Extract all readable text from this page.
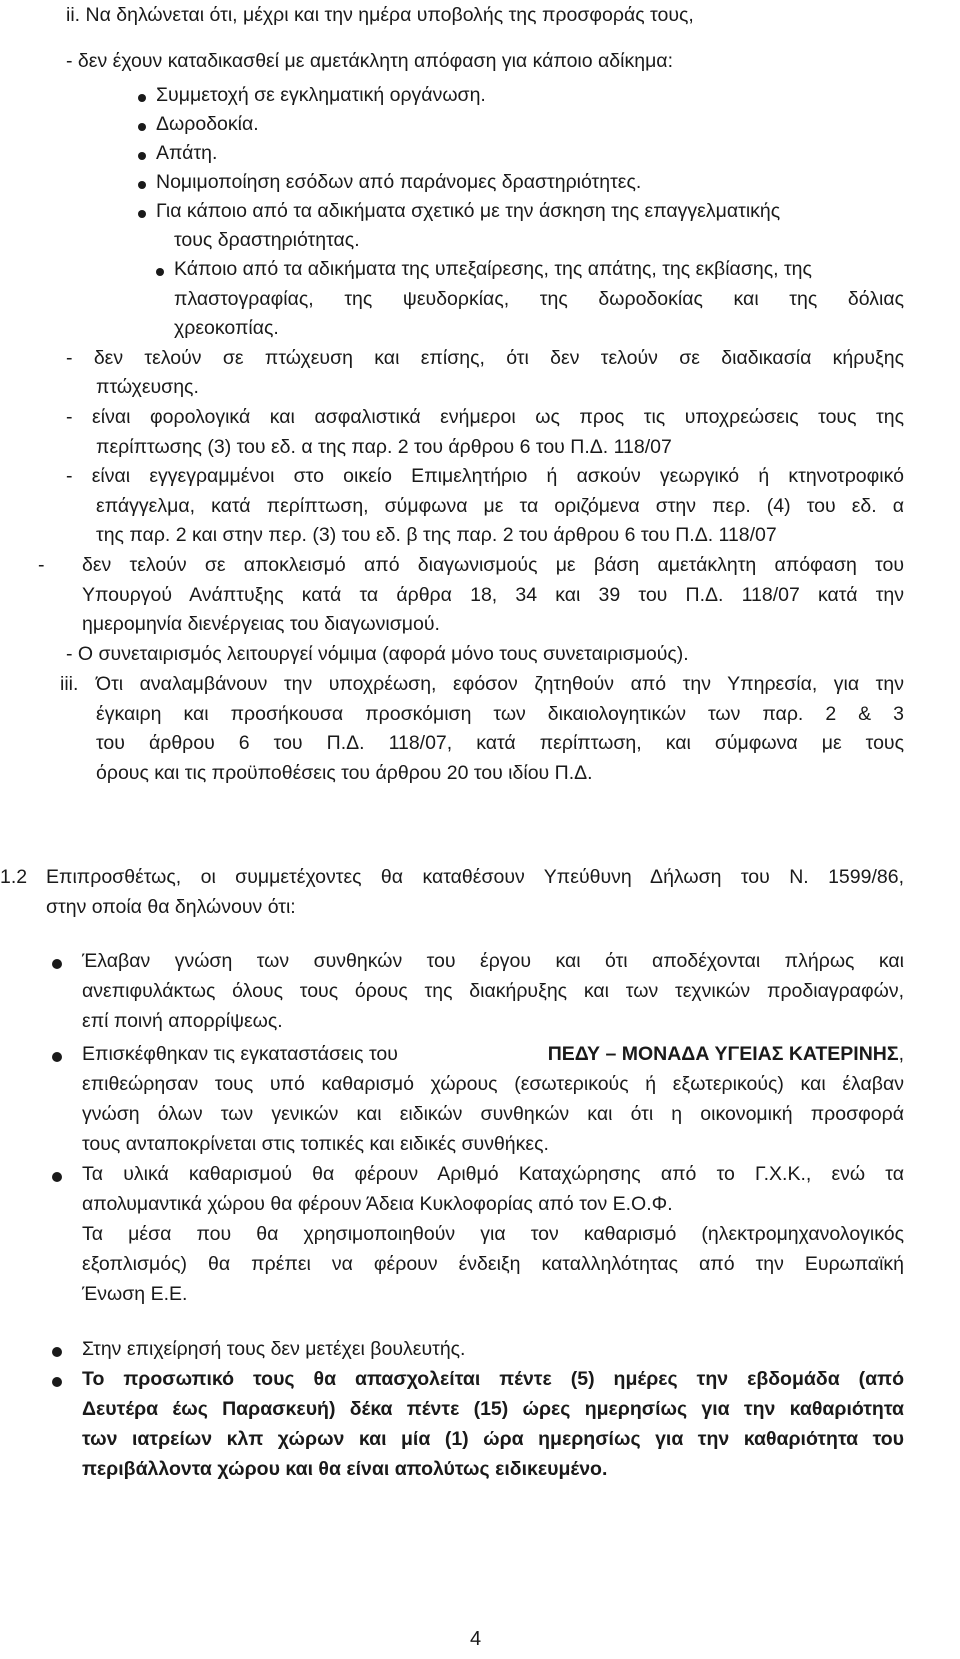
ii. Να δηλώνεται ότι, μέχρι και την ημέρα υποβολής της προσφοράς τους,
- δεν έχουν καταδικασθεί με αμετάκλητη απόφαση για κάποιο αδίκημα:
Συμμετοχή σε εγκληματική οργάνωση.
Δωροδοκία.
Απάτη.
Νομιμοποίηση εσόδων από παράνομες δραστηριότητες.
Για κάποιο από τα αδικήματα σχετικό με την άσκηση της επαγγελματικής
τους δραστηριότητας.
Κάποιο από τα αδικήματα της υπεξαίρεσης, της απάτης, της εκβίασης, της
πλαστογραφίας, της ψευδορκίας, της δωροδοκίας και της δόλιας
χρεοκοπίας.
- δεν τελούν σε πτώχευση και επίσης, ότι δεν τελούν σε διαδικασία κήρυξης
πτώχευσης.
- είναι φορολογικά και ασφαλιστικά ενήμεροι ως προς τις υποχρεώσεις τους της
περίπτωσης (3) του εδ. α της παρ. 2 του άρθρου 6 του Π.Δ. 118/07
- είναι εγγεγραμμένοι στο οικείο Επιμελητήριο ή ασκούν γεωργικό ή κτηνοτροφικό
επάγγελμα, κατά περίπτωση, σύμφωνα με τα οριζόμενα στην περ. (4) του εδ. α
της παρ. 2 και στην περ. (3) του εδ. β της παρ. 2 του άρθρου 6 του Π.Δ. 118/07
- δεν τελούν σε αποκλεισμό από διαγωνισμούς με βάση αμετάκλητη απόφαση του
Υπουργού Ανάπτυξης κατά τα άρθρα 18, 34 και 39 του Π.Δ. 118/07 κατά την
ημερομηνία διενέργειας του διαγωνισμού.
- Ο συνεταιρισμός λειτουργεί νόμιμα (αφορά μόνο τους συνεταιρισμούς).
iii. Ότι αναλαμβάνουν την υποχρέωση, εφόσον ζητηθούν από την Υπηρεσία, για την
έγκαιρη και προσήκουσα προσκόμιση των δικαιολογητικών των παρ. 2 & 3
του άρθρου 6 του Π.Δ. 118/07, κατά περίπτωση, και σύμφωνα με τους
όρους και τις προϋποθέσεις του άρθρου 20 του ιδίου Π.Δ.
1.2 Επιπροσθέτως, οι συμμετέχοντες θα καταθέσουν Υπεύθυνη Δήλωση του Ν. 1599/86,
στην οποία θα δηλώνουν ότι:
Έλαβαν γνώση των συνθηκών του έργου και ότι αποδέχονται πλήρως και
ανεπιφυλάκτως όλους τους όρους της διακήρυξης και των τεχνικών προδιαγραφών,
επί ποινή απορρίψεως.
Επισκέφθηκαν τις εγκαταστάσεις του	ΠΕΔΥ – ΜΟΝΑΔΑ ΥΓΕΙΑΣ ΚΑΤΕΡΙΝΗΣ,
επιθεώρησαν τους υπό καθαρισμό χώρους (εσωτερικούς ή εξωτερικούς) και έλαβαν
γνώση όλων των γενικών και ειδικών συνθηκών και ότι η οικονομική προσφορά
τους ανταποκρίνεται στις τοπικές και ειδικές συνθήκες.
Τα υλικά καθαρισμού θα φέρουν Αριθμό Καταχώρησης από το Γ.Χ.Κ., ενώ τα
απολυμαντικά χώρου θα φέρουν Άδεια Κυκλοφορίας από τον Ε.Ο.Φ.
Τα μέσα που θα χρησιμοποιηθούν για τον καθαρισμό (ηλεκτρομηχανολογικός
εξοπλισμός) θα πρέπει να φέρουν ένδειξη καταλληλότητας από την Ευρωπαϊκή
Ένωση Ε.Ε.
Στην επιχείρησή τους δεν μετέχει βουλευτής.
Το προσωπικό τους θα απασχολείται πέντε (5) ημέρες την εβδομάδα (από
Δευτέρα έως Παρασκευή) δέκα πέντε (15) ώρες ημερησίως για την καθαριότητα
των ιατρείων κλπ χώρων και μία (1) ώρα ημερησίως για την καθαριότητα του
περιβάλλοντα χώρου και θα είναι απολύτως ειδικευμένο.
4
